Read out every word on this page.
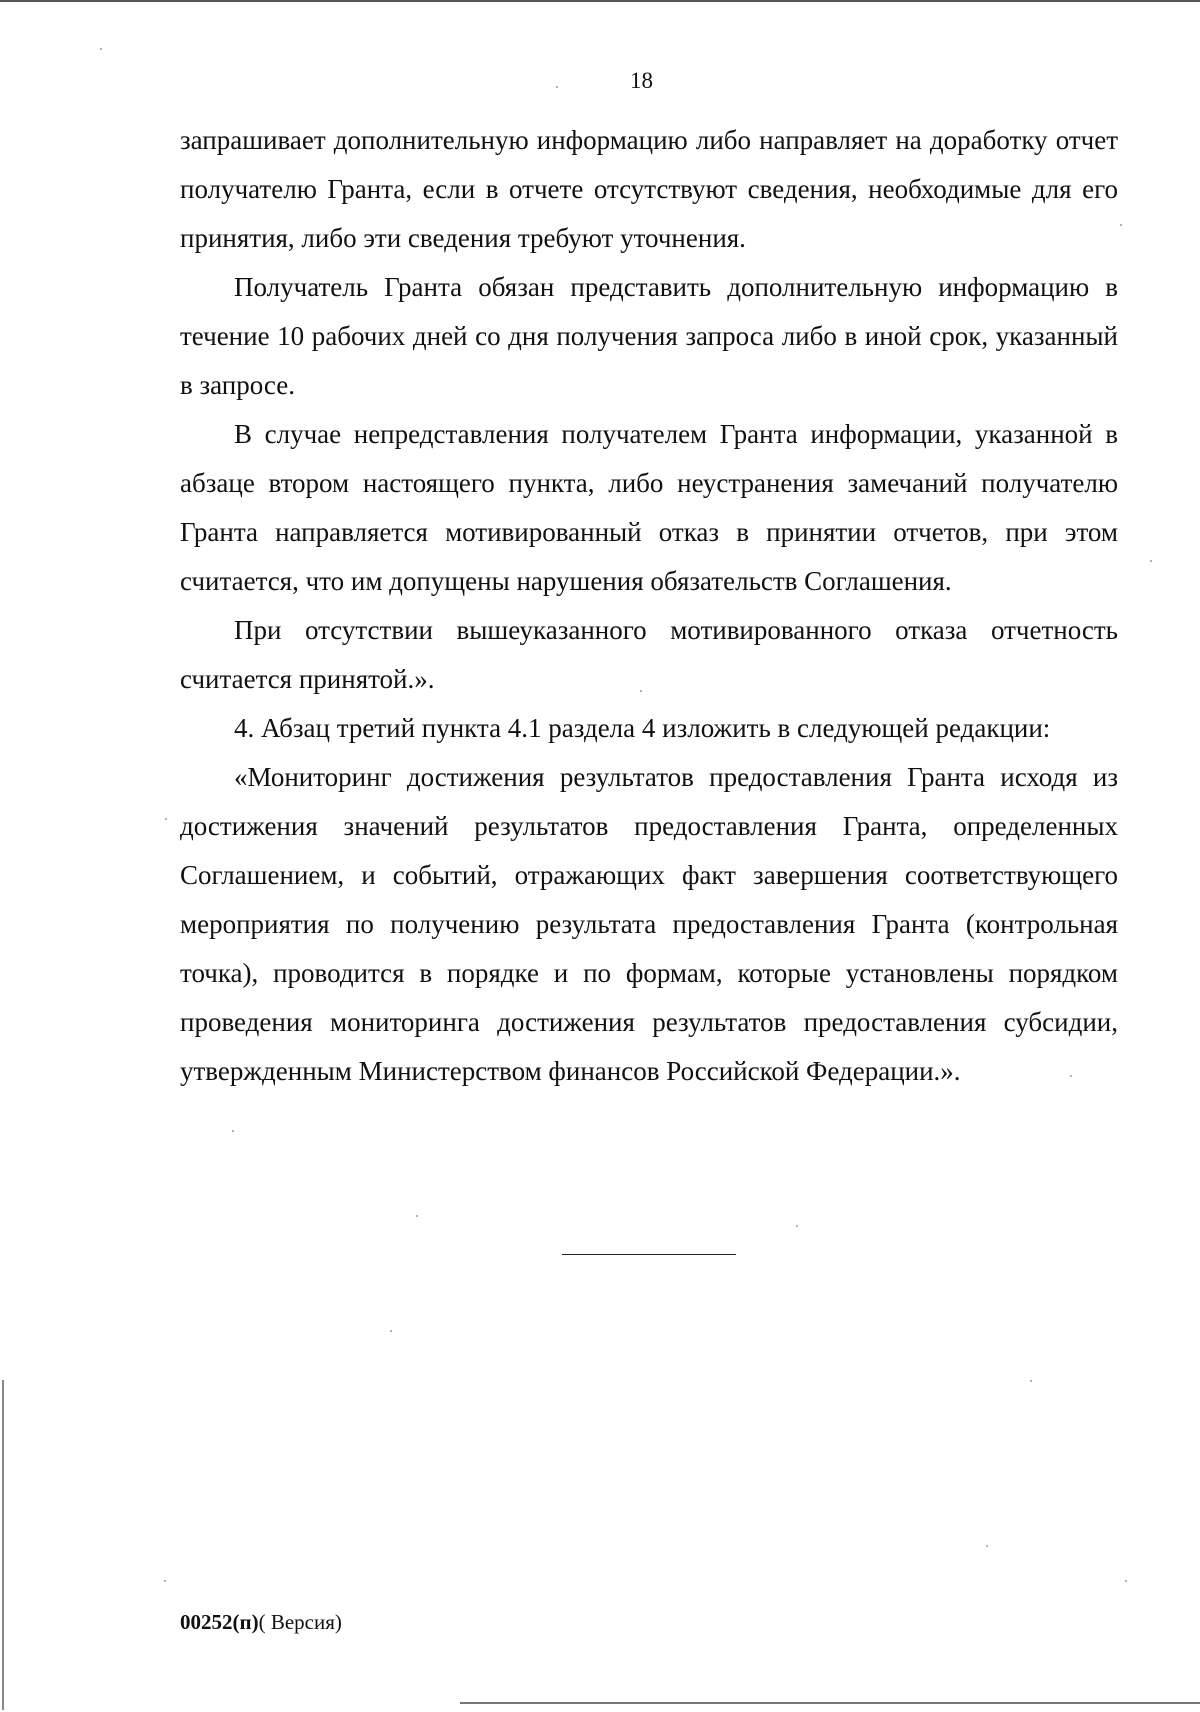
18

запрашивает дополнительную информацию либо направляет на доработку отчет получателю Гранта, если в отчете отсутствуют сведения, необходимые для его принятия, либо эти сведения требуют уточнения.

Получатель Гранта обязан представить дополнительную информацию в течение 10 рабочих дней со дня получения запроса либо в иной срок, указанный в запросе.

В случае непредставления получателем Гранта информации, указанной в абзаце втором настоящего пункта, либо неустранения замечаний получателю Гранта направляется мотивированный отказ в принятии отчетов, при этом считается, что им допущены нарушения обязательств Соглашения.

При отсутствии вышеуказанного мотивированного отказа отчетность считается принятой.».

4. Абзац третий пункта 4.1 раздела 4 изложить в следующей редакции:

«Мониторинг достижения результатов предоставления Гранта исходя из достижения значений результатов предоставления Гранта, определенных Соглашением, и событий, отражающих факт завершения соответствующего мероприятия по получению результата предоставления Гранта (контрольная точка), проводится в порядке и по формам, которые установлены порядком проведения мониторинга достижения результатов предоставления субсидии, утвержденным Министерством финансов Российской Федерации.».

00252(п)( Версия)
